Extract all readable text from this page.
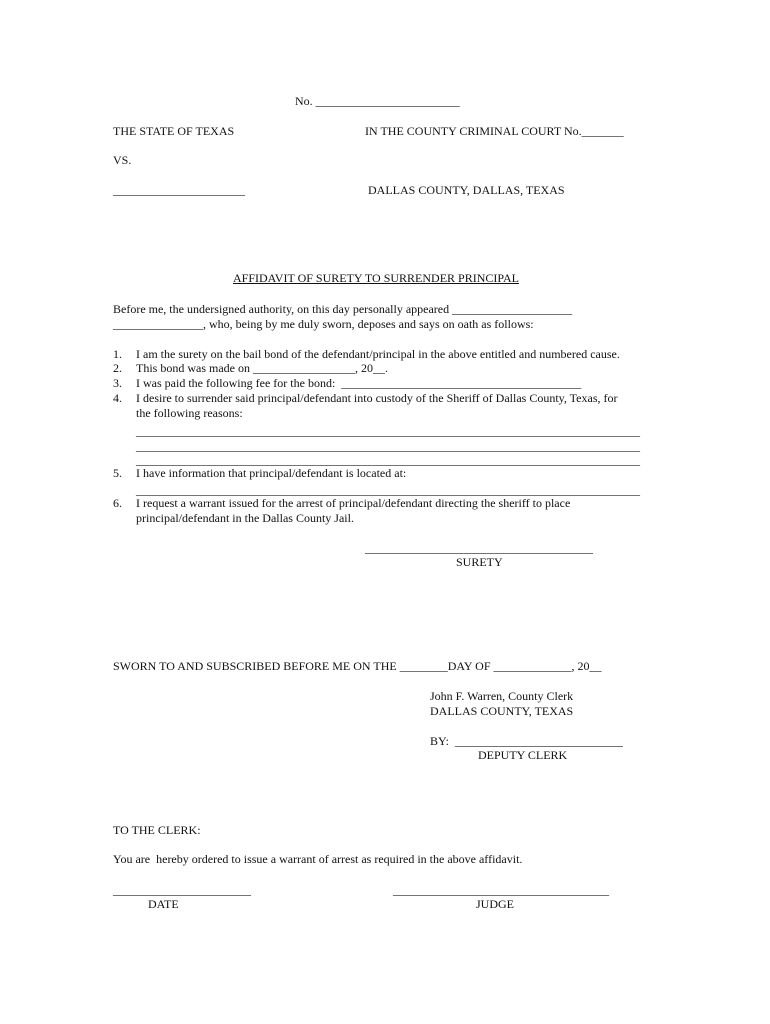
No. ________________________
THE STATE OF TEXAS	IN THE COUNTY CRIMINAL COURT No._______
VS.
______________________	DALLAS COUNTY, DALLAS, TEXAS
AFFIDAVIT OF SURETY TO SURRENDER PRINCIPAL
Before me, the undersigned authority, on this day personally appeared ____________________
_______________, who, being by me duly sworn, deposes and says on oath as follows:
1.	I am the surety on the bail bond of the defendant/principal in the above entitled and numbered cause.
2.	This bond was made on _________________, 20__.
3.	I was paid the following fee for the bond:  ________________________________________
4.	I desire to surrender said principal/defendant into custody of the Sheriff of Dallas County, Texas, for
the following reasons:
____________________________________________________________________________________
____________________________________________________________________________________
____________________________________________________________________________________
5.	I have information that principal/defendant is located at:
____________________________________________________________________________________
6.	I request a warrant issued for the arrest of principal/defendant directing the sheriff to place
principal/defendant in the Dallas County Jail.
______________________________________
SURETY
SWORN TO AND SUBSCRIBED BEFORE ME ON THE ________DAY OF _____________, 20__
John F. Warren, County Clerk
DALLAS COUNTY, TEXAS
BY:  ____________________________
DEPUTY CLERK
TO THE CLERK:
You are  hereby ordered to issue a warrant of arrest as required in the above affidavit.
_______________________
DATE
____________________________________
JUDGE
